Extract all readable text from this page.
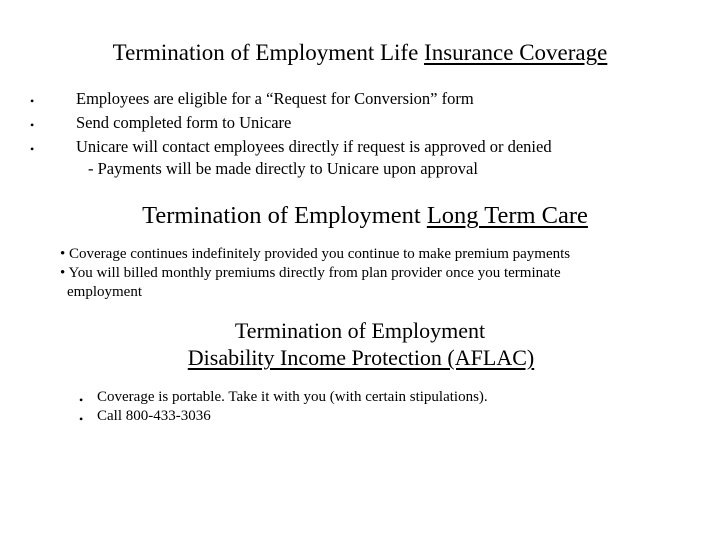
Termination of Employment Life Insurance Coverage
•	Employees are eligible for a “Request for Conversion” form
•	Send completed form to Unicare
•	Unicare will contact employees directly if request is approved or denied
- Payments will be made directly to Unicare upon approval
Termination of Employment Long Term Care
• Coverage continues indefinitely provided you continue to make premium payments
• You will billed monthly premiums directly from plan provider once you terminate
employment
Termination of Employment
Disability Income Protection (AFLAC)
• Coverage is portable. Take it with you (with certain stipulations).
• Call 800-433-3036
